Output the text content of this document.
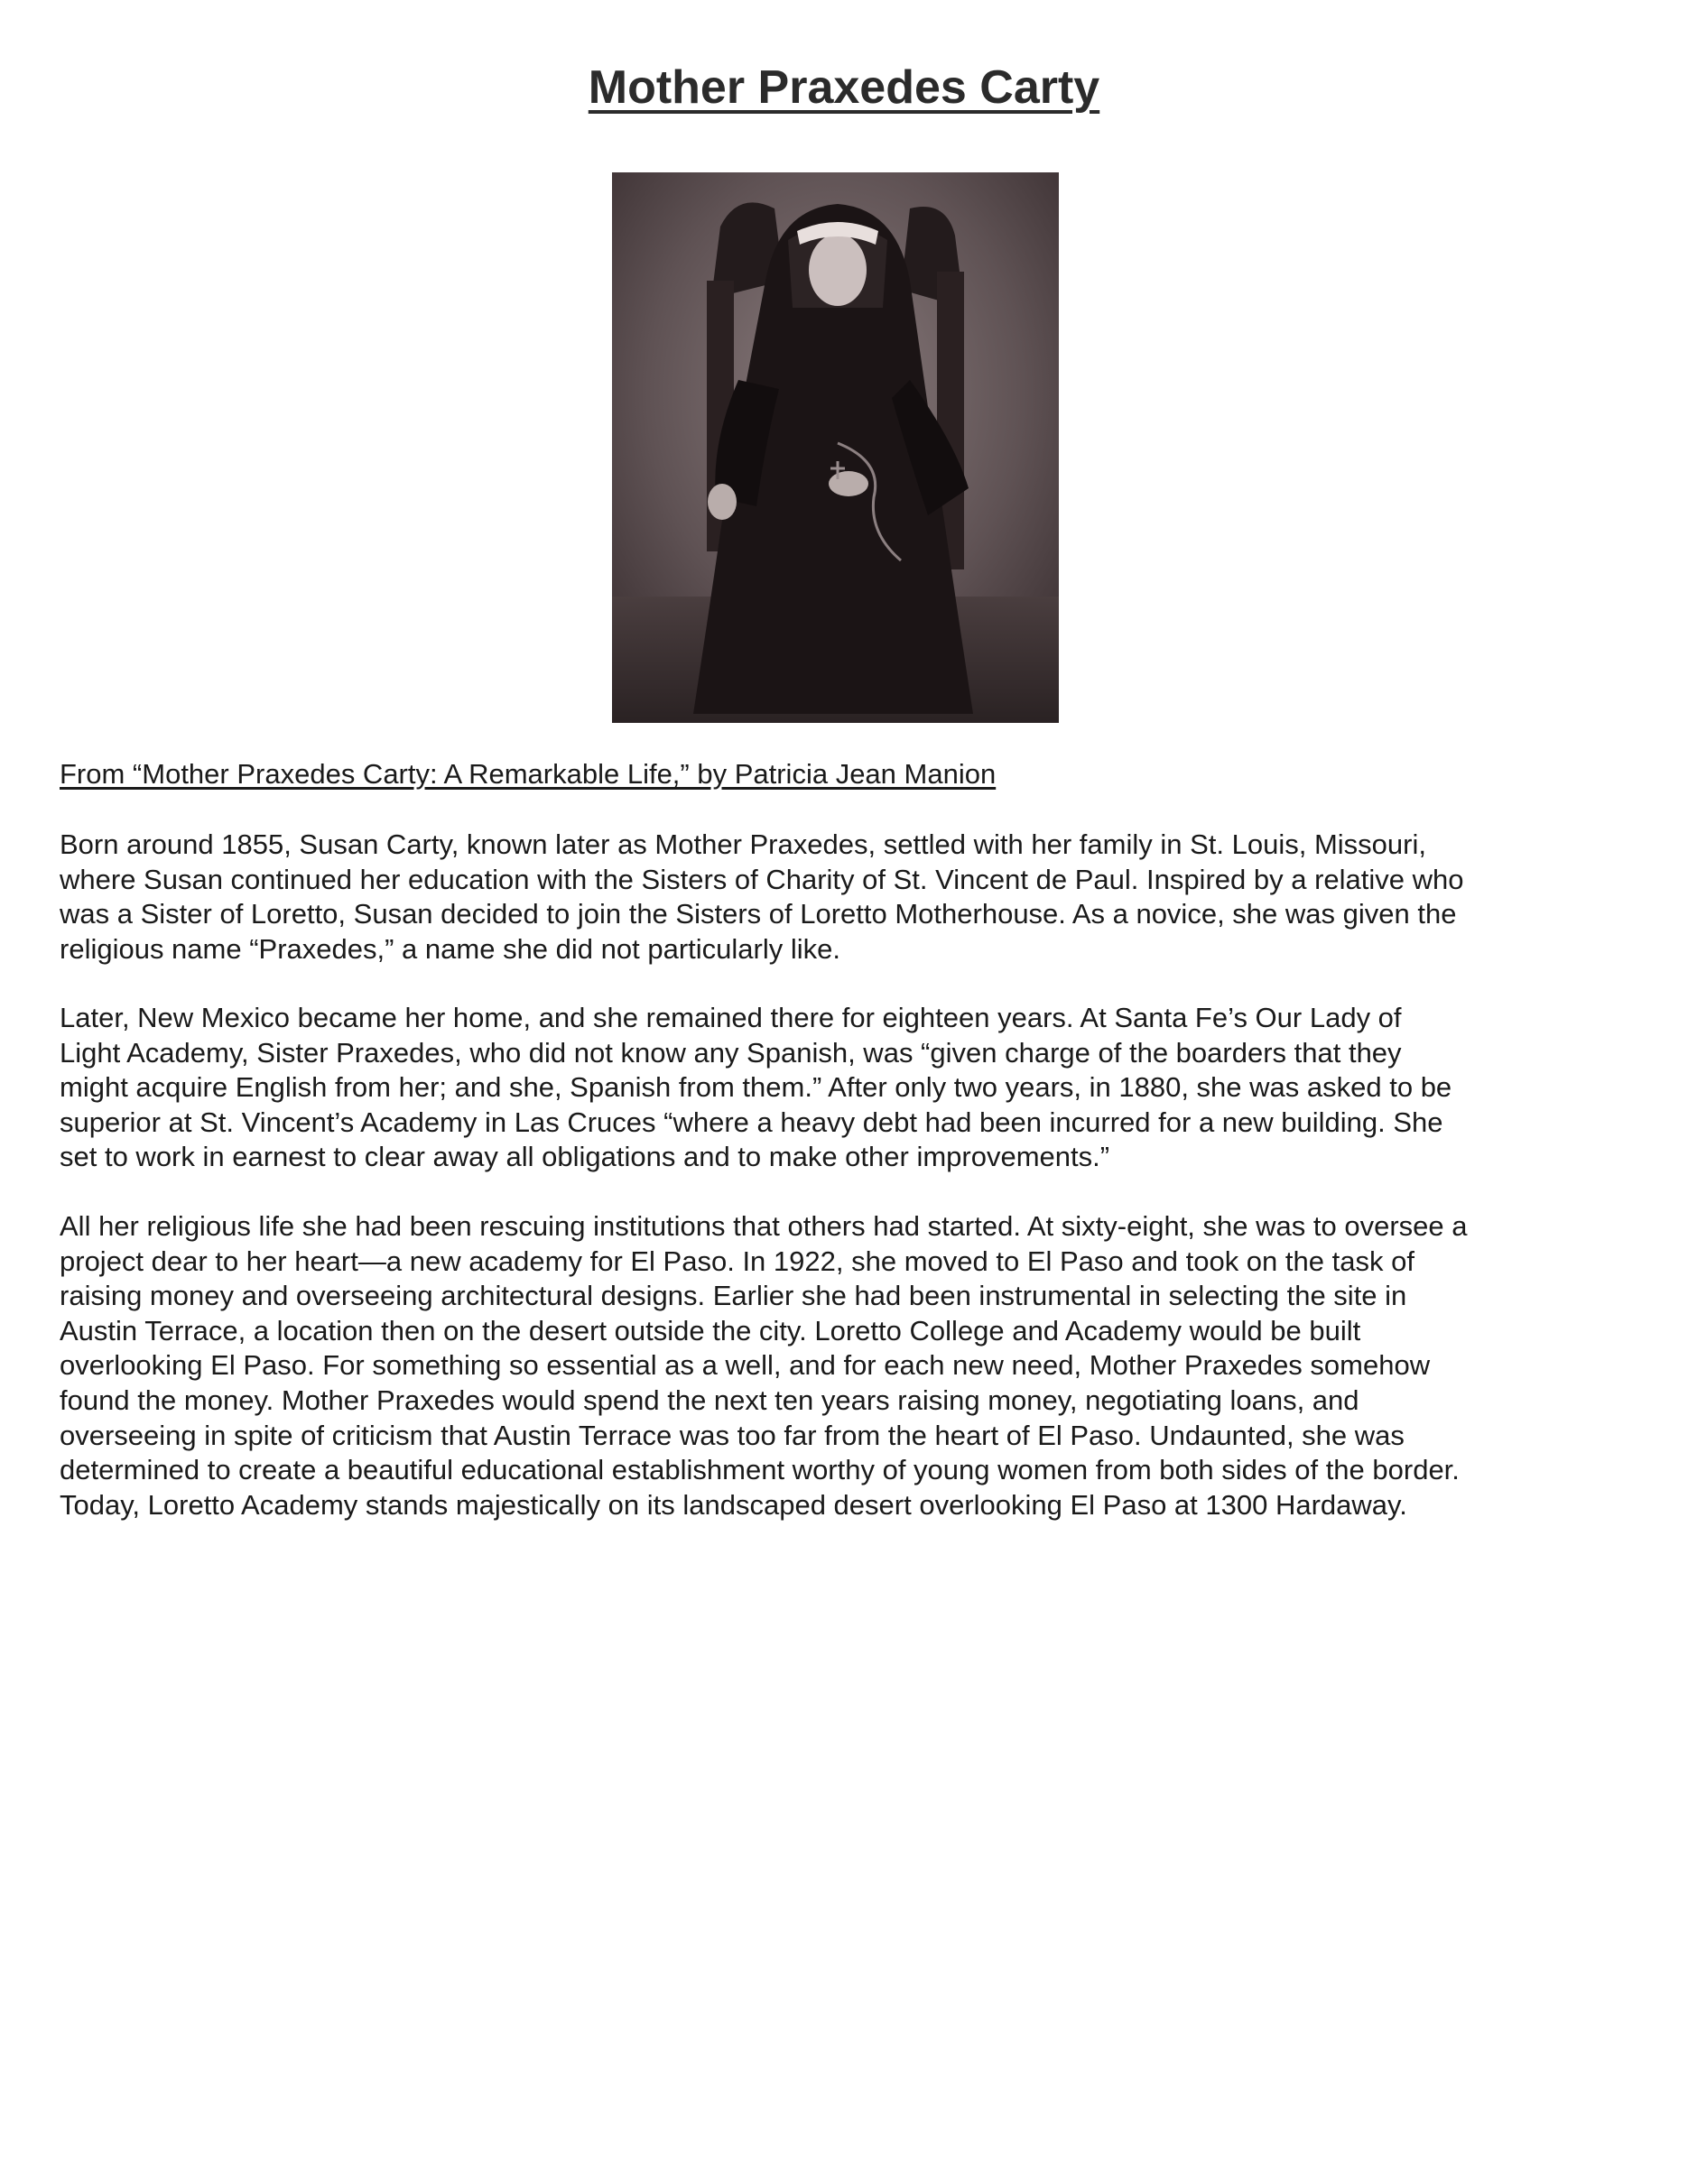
Mother Praxedes Carty
From “Mother Praxedes Carty: A Remarkable Life,” by Patricia Jean Manion

Born around 1855, Susan Carty, known later as Mother Praxedes, settled with her family in St. Louis, Missouri,
where Susan continued her education with the Sisters of Charity of St. Vincent de Paul. Inspired by a relative who
was a Sister of Loretto, Susan decided to join the Sisters of Loretto Motherhouse. As a novice, she was given the
religious name “Praxedes,” a name she did not particularly like.

Later, New Mexico became her home, and she remained there for eighteen years. At Santa Fe’s Our Lady of
Light Academy, Sister Praxedes, who did not know any Spanish, was “given charge of the boarders that they
might acquire English from her; and she, Spanish from them.” After only two years, in 1880, she was asked to be
superior at St. Vincent’s Academy in Las Cruces “where a heavy debt had been incurred for a new building. She
set to work in earnest to clear away all obligations and to make other improvements.”

All her religious life she had been rescuing institutions that others had started. At sixty-eight, she was to oversee a
project dear to her heart—a new academy for El Paso. In 1922, she moved to El Paso and took on the task of
raising money and overseeing architectural designs. Earlier she had been instrumental in selecting the site in
Austin Terrace, a location then on the desert outside the city. Loretto College and Academy would be built
overlooking El Paso. For something so essential as a well, and for each new need, Mother Praxedes somehow
found the money. Mother Praxedes would spend the next ten years raising money, negotiating loans, and
overseeing in spite of criticism that Austin Terrace was too far from the heart of El Paso. Undaunted, she was
determined to create a beautiful educational establishment worthy of young women from both sides of the border.
Today, Loretto Academy stands majestically on its landscaped desert overlooking El Paso at 1300 Hardaway.
